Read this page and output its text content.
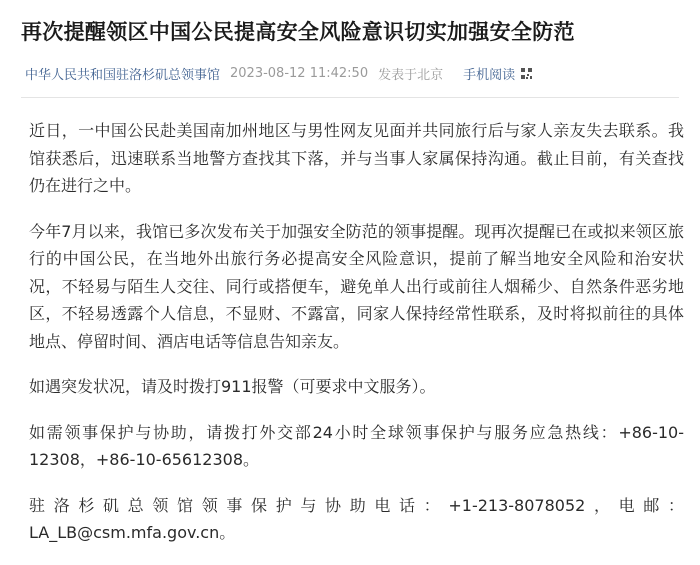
再次提醒领区中国公民提高安全风险意识切实加强安全防范
中华人民共和国驻洛杉矶总领事馆 2023-08-12 11:42:50 发表于北京 手机阅读

近日，一中国公民赴美国南加州地区与男性网友见面并共同旅行后与家人亲友失去联系。我馆获悉后，迅速联系当地警方查找其下落，并与当事人家属保持沟通。截止目前，有关查找仍在进行之中。

今年7月以来，我馆已多次发布关于加强安全防范的领事提醒。现再次提醒已在或拟来领区旅行的中国公民，在当地外出旅行务必提高安全风险意识，提前了解当地安全风险和治安状况，不轻易与陌生人交往、同行或搭便车，避免单人出行或前往人烟稀少、自然条件恶劣地区，不轻易透露个人信息，不显财、不露富，同家人保持经常性联系，及时将拟前往的具体地点、停留时间、酒店电话等信息告知亲友。

如遇突发状况，请及时拨打911报警（可要求中文服务）。

如需领事保护与协助，请拨打外交部24小时全球领事保护与服务应急热线：+86-10-12308，+86-10-65612308。

驻洛杉矶总领馆领事保护与协助电话：+1-213-8078052，电邮：LA_LB@csm.mfa.gov.cn。
